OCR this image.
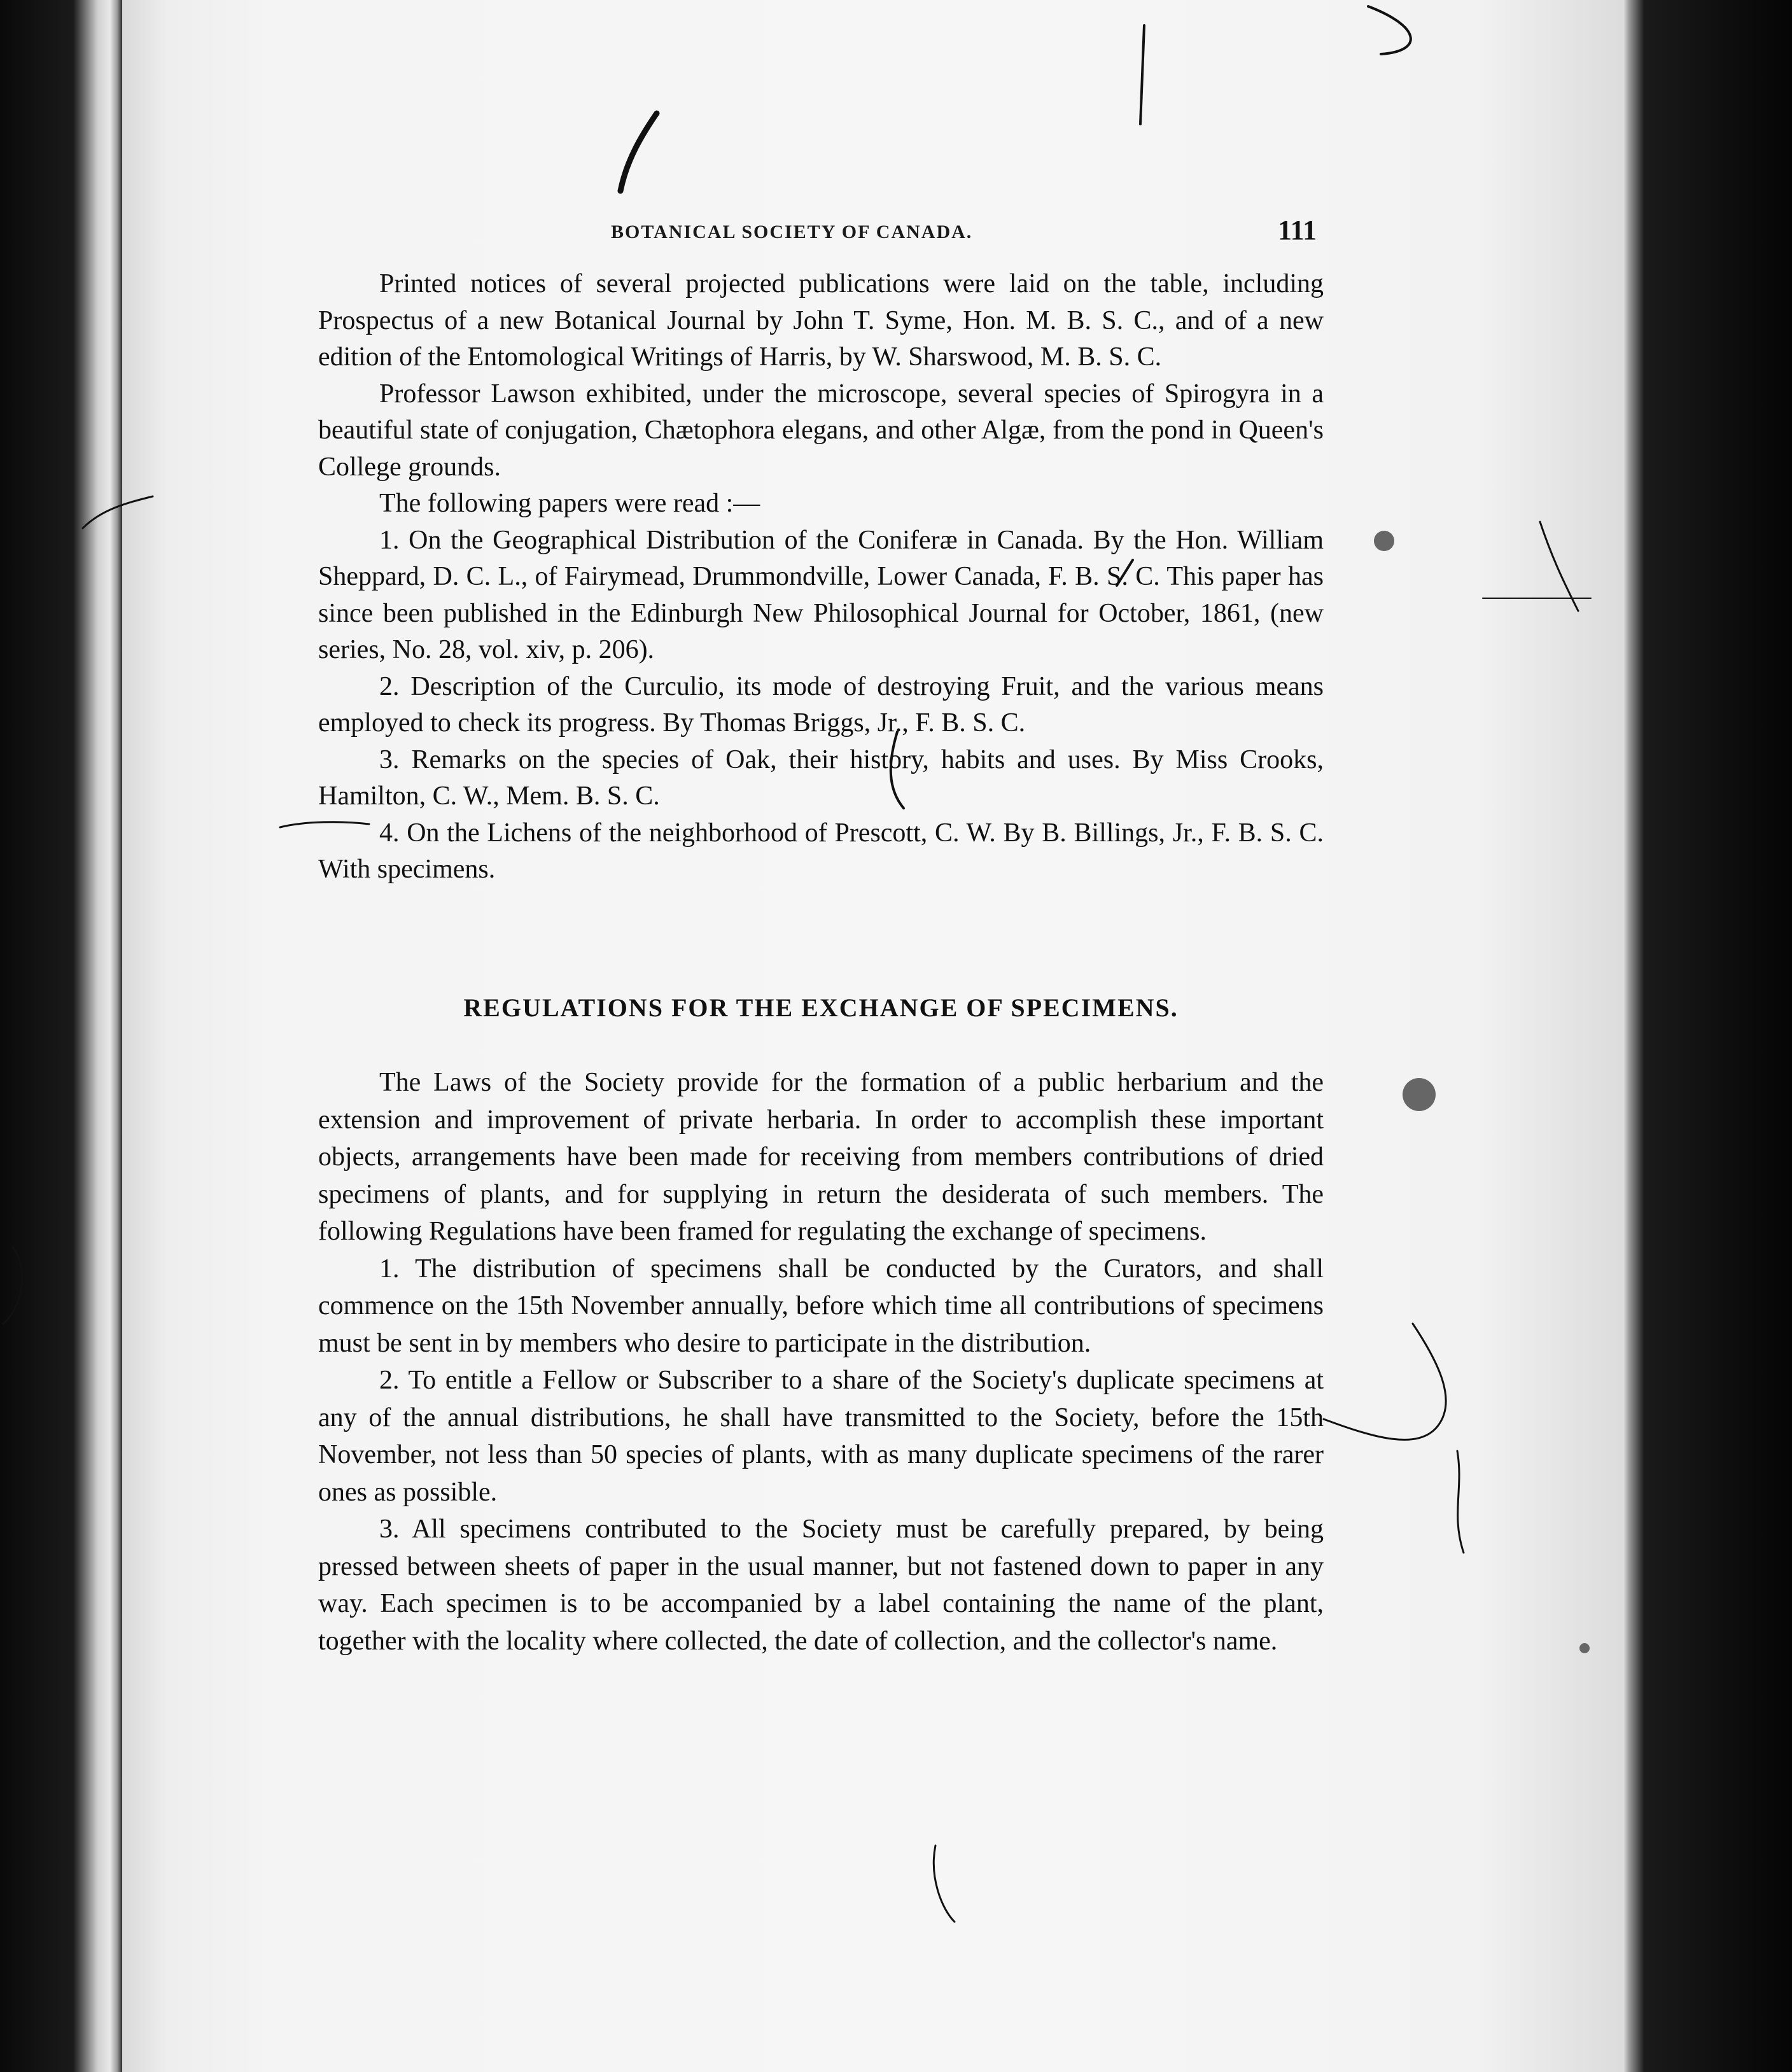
BOTANICAL SOCIETY OF CANADA.	111

Printed notices of several projected publications were laid on the table, including Prospectus of a new Botanical Journal by John T. Syme, Hon. M. B. S. C., and of a new edition of the Entomological Writings of Harris, by W. Sharswood, M. B. S. C.

Professor Lawson exhibited, under the microscope, several species of Spirogyra in a beautiful state of conjugation, Chætophora elegans, and other Algæ, from the pond in Queen's College grounds.

The following papers were read :—

1. On the Geographical Distribution of the Coniferæ in Canada. By the Hon. William Sheppard, D. C. L., of Fairymead, Drummondville, Lower Canada, F. B. S. C. This paper has since been published in the Edinburgh New Philosophical Journal for October, 1861, (new series, No. 28, vol. xiv, p. 206).

2. Description of the Curculio, its mode of destroying Fruit, and the various means employed to check its progress. By Thomas Briggs, Jr., F. B. S. C.

3. Remarks on the species of Oak, their history, habits and uses. By Miss Crooks, Hamilton, C. W., Mem. B. S. C.

4. On the Lichens of the neighborhood of Prescott, C. W. By B. Billings, Jr., F. B. S. C. With specimens.

REGULATIONS FOR THE EXCHANGE OF SPECIMENS.

The Laws of the Society provide for the formation of a public herbarium and the extension and improvement of private herbaria. In order to accomplish these important objects, arrangements have been made for receiving from members contributions of dried specimens of plants, and for supplying in return the desiderata of such members. The following Regulations have been framed for regulating the exchange of specimens.

1. The distribution of specimens shall be conducted by the Curators, and shall commence on the 15th November annually, before which time all contributions of specimens must be sent in by members who desire to participate in the distribution.

2. To entitle a Fellow or Subscriber to a share of the Society's duplicate specimens at any of the annual distributions, he shall have transmitted to the Society, before the 15th November, not less than 50 species of plants, with as many duplicate specimens of the rarer ones as possible.

3. All specimens contributed to the Society must be carefully prepared, by being pressed between sheets of paper in the usual manner, but not fastened down to paper in any way. Each specimen is to be accompanied by a label containing the name of the plant, together with the locality where collected, the date of collection, and the collector's name.
